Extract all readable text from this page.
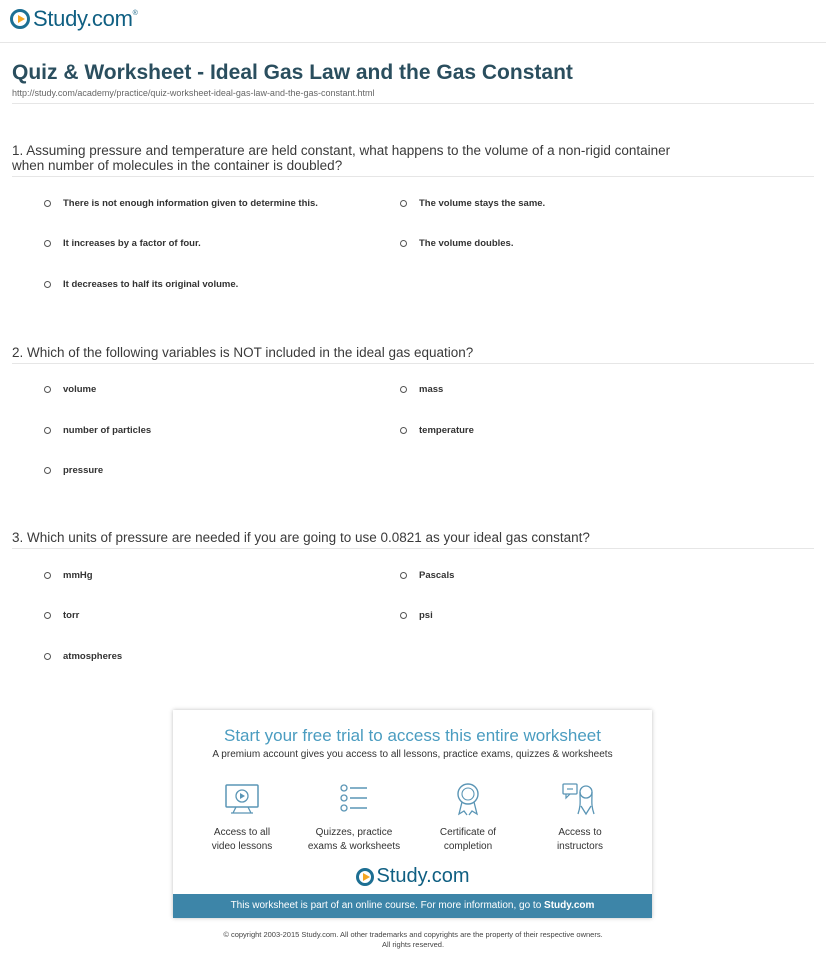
Study.com ®
Quiz & Worksheet - Ideal Gas Law and the Gas Constant
http://study.com/academy/practice/quiz-worksheet-ideal-gas-law-and-the-gas-constant.html
1. Assuming pressure and temperature are held constant, what happens to the volume of a non-rigid container when number of molecules in the container is doubled?
There is not enough information given to determine this.	The volume stays the same.
It increases by a factor of four.	The volume doubles.
It decreases to half its original volume.
2. Which of the following variables is NOT included in the ideal gas equation?
volume	mass
number of particles	temperature
pressure
3. Which units of pressure are needed if you are going to use 0.0821 as your ideal gas constant?
mmHg	Pascals
torr	psi
atmospheres
Start your free trial to access this entire worksheet
A premium account gives you access to all lessons, practice exams, quizzes & worksheets
Access to all
video lessons
Quizzes, practice
exams & worksheets
Certificate of
completion
Access to
instructors
Study.com
This worksheet is part of an online course. For more information, go to Study.com
© copyright 2003-2015 Study.com. All other trademarks and copyrights are the property of their respective owners.
All rights reserved.
